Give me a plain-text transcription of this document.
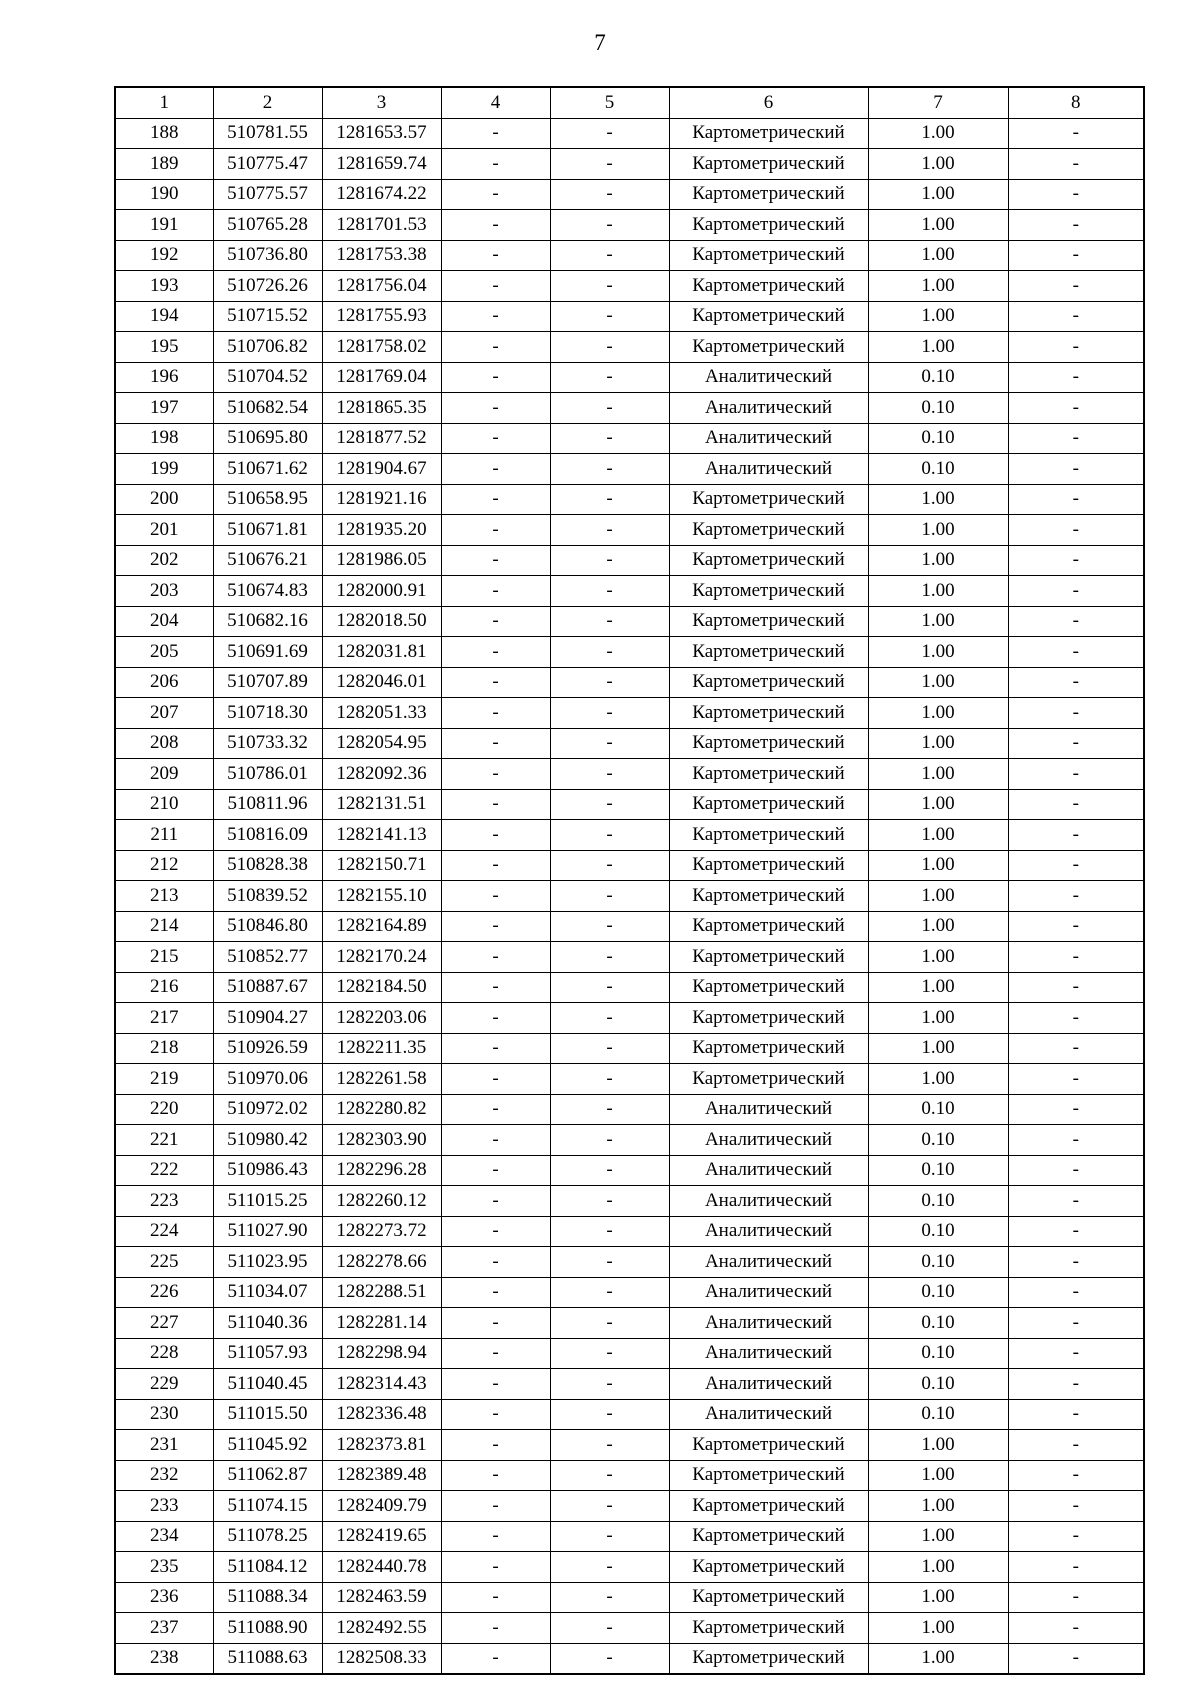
7
1	2	3	4	5	6	7	8
188	510781.55	1281653.57	-	-	Картометрический	1.00	-
189	510775.47	1281659.74	-	-	Картометрический	1.00	-
190	510775.57	1281674.22	-	-	Картометрический	1.00	-
191	510765.28	1281701.53	-	-	Картометрический	1.00	-
192	510736.80	1281753.38	-	-	Картометрический	1.00	-
193	510726.26	1281756.04	-	-	Картометрический	1.00	-
194	510715.52	1281755.93	-	-	Картометрический	1.00	-
195	510706.82	1281758.02	-	-	Картометрический	1.00	-
196	510704.52	1281769.04	-	-	Аналитический	0.10	-
197	510682.54	1281865.35	-	-	Аналитический	0.10	-
198	510695.80	1281877.52	-	-	Аналитический	0.10	-
199	510671.62	1281904.67	-	-	Аналитический	0.10	-
200	510658.95	1281921.16	-	-	Картометрический	1.00	-
201	510671.81	1281935.20	-	-	Картометрический	1.00	-
202	510676.21	1281986.05	-	-	Картометрический	1.00	-
203	510674.83	1282000.91	-	-	Картометрический	1.00	-
204	510682.16	1282018.50	-	-	Картометрический	1.00	-
205	510691.69	1282031.81	-	-	Картометрический	1.00	-
206	510707.89	1282046.01	-	-	Картометрический	1.00	-
207	510718.30	1282051.33	-	-	Картометрический	1.00	-
208	510733.32	1282054.95	-	-	Картометрический	1.00	-
209	510786.01	1282092.36	-	-	Картометрический	1.00	-
210	510811.96	1282131.51	-	-	Картометрический	1.00	-
211	510816.09	1282141.13	-	-	Картометрический	1.00	-
212	510828.38	1282150.71	-	-	Картометрический	1.00	-
213	510839.52	1282155.10	-	-	Картометрический	1.00	-
214	510846.80	1282164.89	-	-	Картометрический	1.00	-
215	510852.77	1282170.24	-	-	Картометрический	1.00	-
216	510887.67	1282184.50	-	-	Картометрический	1.00	-
217	510904.27	1282203.06	-	-	Картометрический	1.00	-
218	510926.59	1282211.35	-	-	Картометрический	1.00	-
219	510970.06	1282261.58	-	-	Картометрический	1.00	-
220	510972.02	1282280.82	-	-	Аналитический	0.10	-
221	510980.42	1282303.90	-	-	Аналитический	0.10	-
222	510986.43	1282296.28	-	-	Аналитический	0.10	-
223	511015.25	1282260.12	-	-	Аналитический	0.10	-
224	511027.90	1282273.72	-	-	Аналитический	0.10	-
225	511023.95	1282278.66	-	-	Аналитический	0.10	-
226	511034.07	1282288.51	-	-	Аналитический	0.10	-
227	511040.36	1282281.14	-	-	Аналитический	0.10	-
228	511057.93	1282298.94	-	-	Аналитический	0.10	-
229	511040.45	1282314.43	-	-	Аналитический	0.10	-
230	511015.50	1282336.48	-	-	Аналитический	0.10	-
231	511045.92	1282373.81	-	-	Картометрический	1.00	-
232	511062.87	1282389.48	-	-	Картометрический	1.00	-
233	511074.15	1282409.79	-	-	Картометрический	1.00	-
234	511078.25	1282419.65	-	-	Картометрический	1.00	-
235	511084.12	1282440.78	-	-	Картометрический	1.00	-
236	511088.34	1282463.59	-	-	Картометрический	1.00	-
237	511088.90	1282492.55	-	-	Картометрический	1.00	-
238	511088.63	1282508.33	-	-	Картометрический	1.00	-
